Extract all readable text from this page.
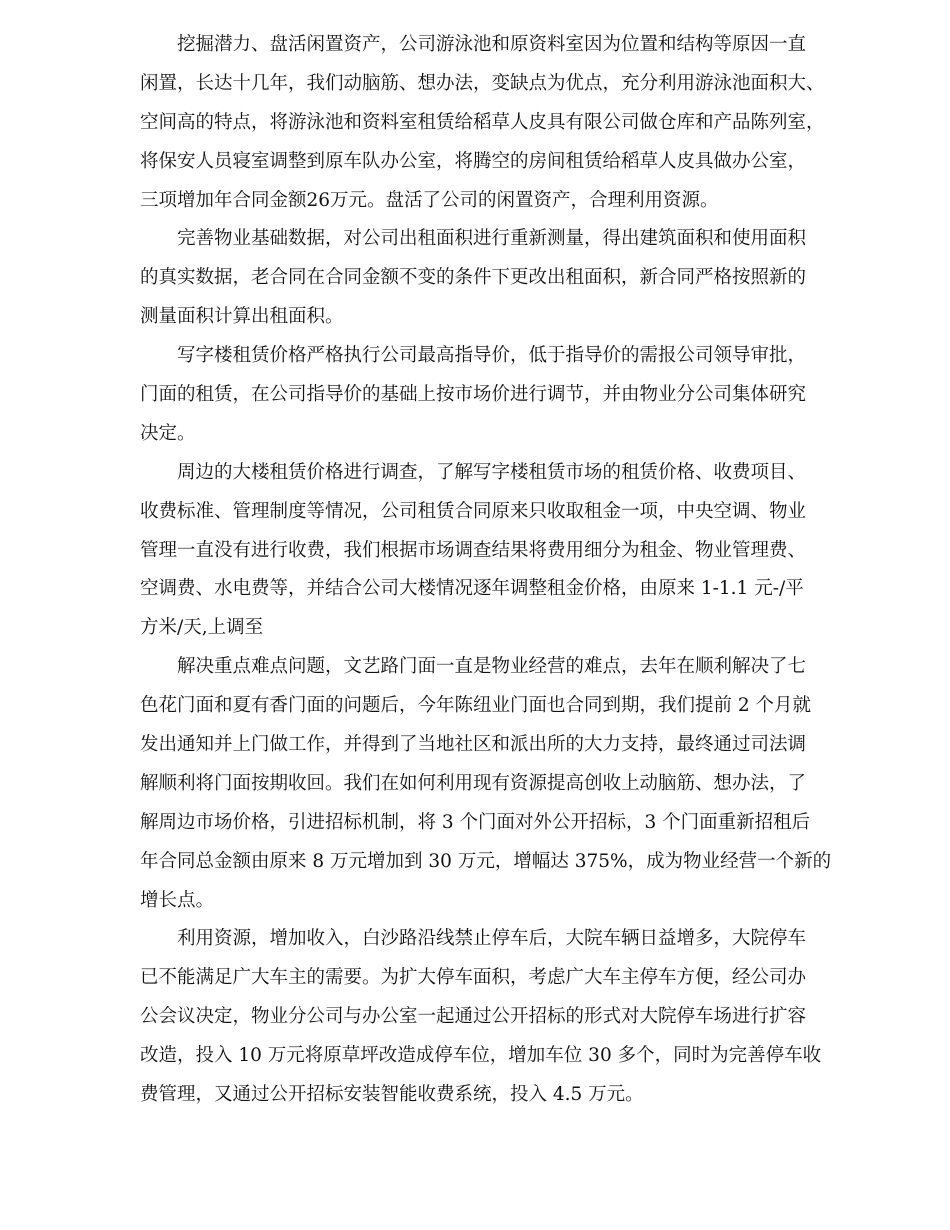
挖掘潜力、盘活闲置资产，公司游泳池和原资料室因为位置和结构等原因一直
闲置，长达十几年，我们动脑筋、想办法，变缺点为优点，充分利用游泳池面积大、
空间高的特点，将游泳池和资料室租赁给稻草人皮具有限公司做仓库和产品陈列室，
将保安人员寝室调整到原车队办公室，将腾空的房间租赁给稻草人皮具做办公室，
三项增加年合同金额26万元。盘活了公司的闲置资产，合理利用资源。
完善物业基础数据，对公司出租面积进行重新测量，得出建筑面积和使用面积
的真实数据，老合同在合同金额不变的条件下更改出租面积，新合同严格按照新的
测量面积计算出租面积。
写字楼租赁价格严格执行公司最高指导价，低于指导价的需报公司领导审批，
门面的租赁，在公司指导价的基础上按市场价进行调节，并由物业分公司集体研究
决定。
周边的大楼租赁价格进行调查，了解写字楼租赁市场的租赁价格、收费项目、
收费标准、管理制度等情况，公司租赁合同原来只收取租金一项，中央空调、物业
管理一直没有进行收费，我们根据市场调查结果将费用细分为租金、物业管理费、
空调费、水电费等，并结合公司大楼情况逐年调整租金价格，由原来 1-1.1 元-/平
方米/天,上调至
解决重点难点问题，文艺路门面一直是物业经营的难点，去年在顺利解决了七
色花门面和夏有香门面的问题后，今年陈纽业门面也合同到期，我们提前 2 个月就
发出通知并上门做工作，并得到了当地社区和派出所的大力支持，最终通过司法调
解顺利将门面按期收回。我们在如何利用现有资源提高创收上动脑筋、想办法，了
解周边市场价格，引进招标机制，将 3 个门面对外公开招标，3 个门面重新招租后
年合同总金额由原来 8 万元增加到 30 万元，增幅达 375%，成为物业经营一个新的
增长点。
利用资源，增加收入，白沙路沿线禁止停车后，大院车辆日益增多，大院停车
已不能满足广大车主的需要。为扩大停车面积，考虑广大车主停车方便，经公司办
公会议决定，物业分公司与办公室一起通过公开招标的形式对大院停车场进行扩容
改造，投入 10 万元将原草坪改造成停车位，增加车位 30 多个，同时为完善停车收
费管理，又通过公开招标安装智能收费系统，投入 4.5 万元。
